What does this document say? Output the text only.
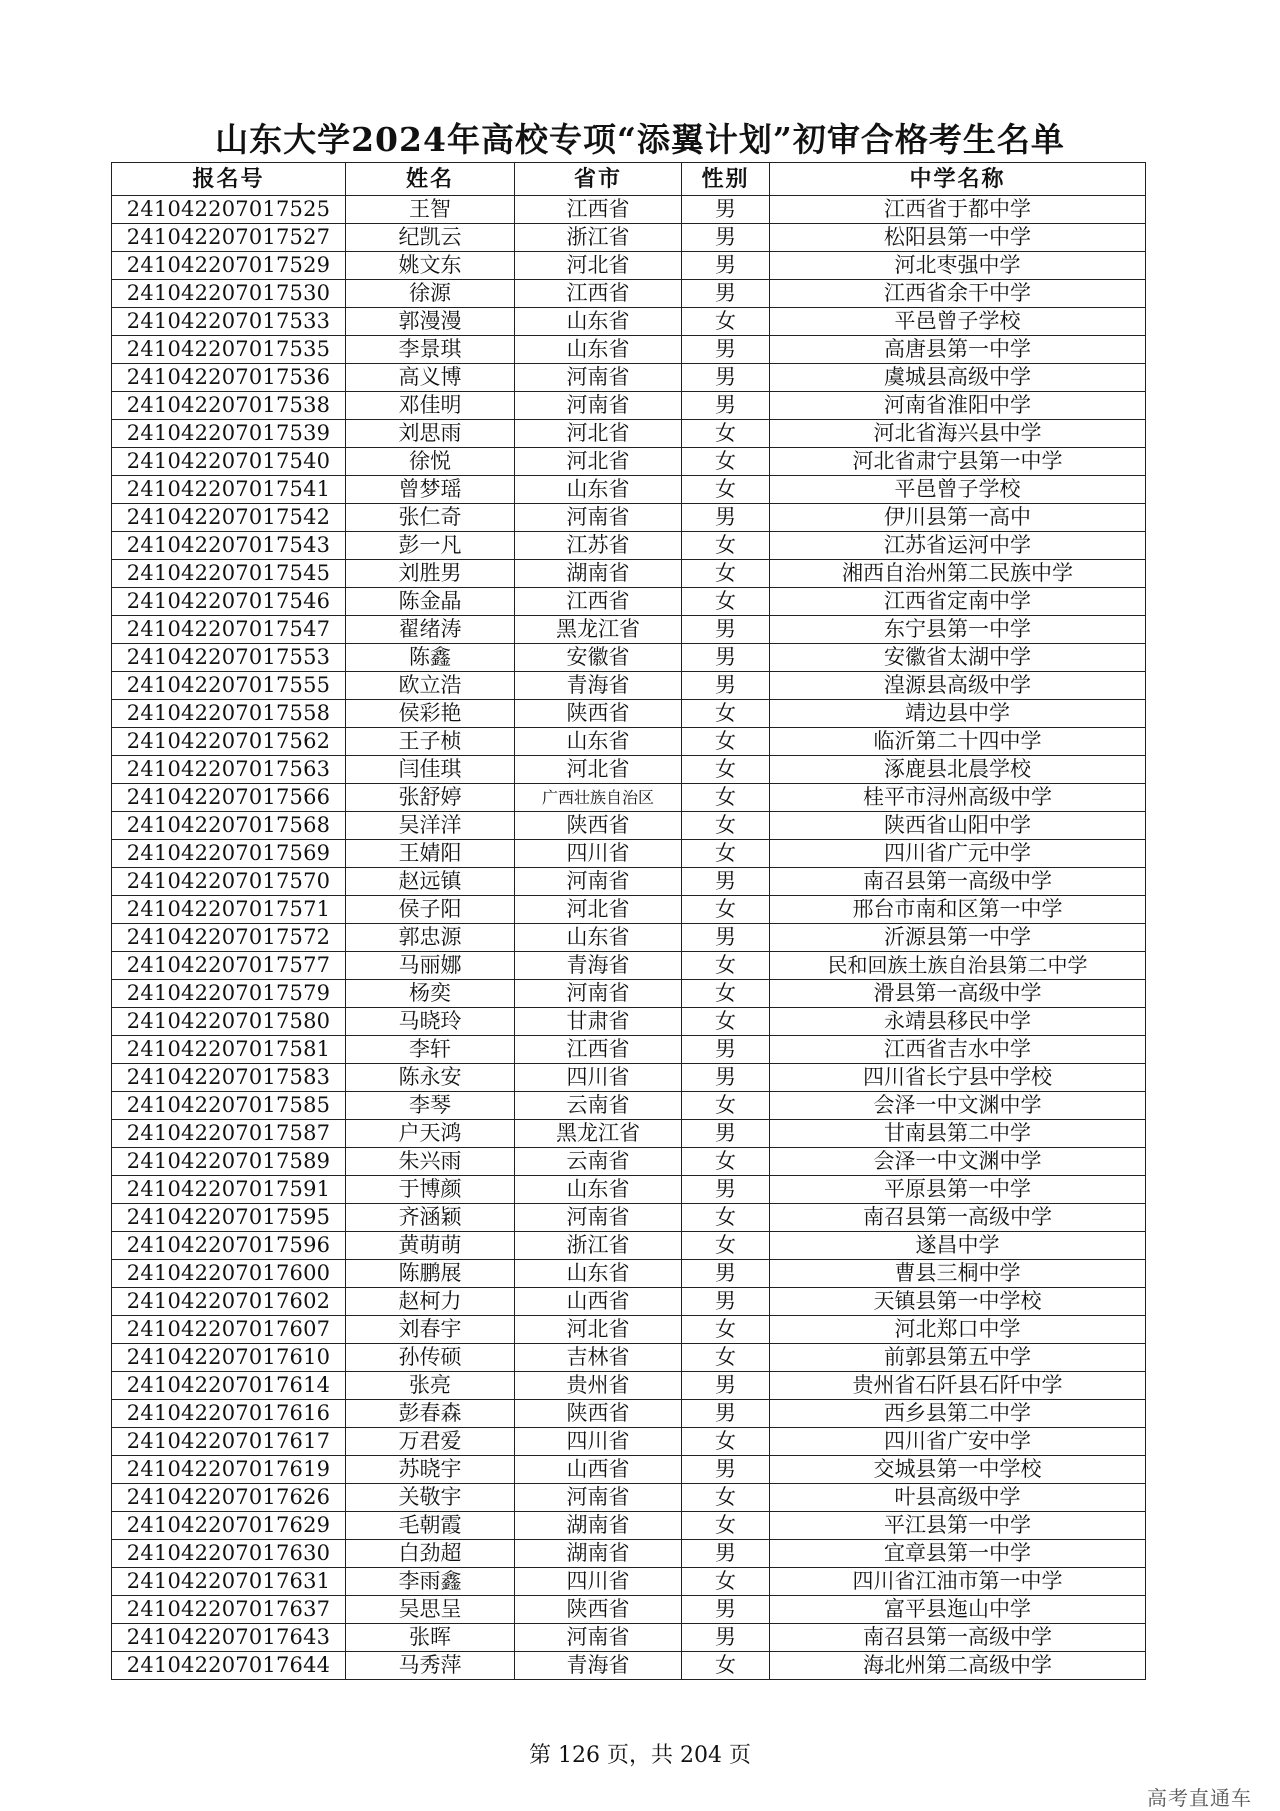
山东大学2024年高校专项“添翼计划”初审合格考生名单
报名号	姓名	省市	性别	中学名称
241042207017525	王智	江西省	男	江西省于都中学
241042207017527	纪凯云	浙江省	男	松阳县第一中学
241042207017529	姚文东	河北省	男	河北枣强中学
241042207017530	徐源	江西省	男	江西省余干中学
241042207017533	郭漫漫	山东省	女	平邑曾子学校
241042207017535	李景琪	山东省	男	高唐县第一中学
241042207017536	高义博	河南省	男	虞城县高级中学
241042207017538	邓佳明	河南省	男	河南省淮阳中学
241042207017539	刘思雨	河北省	女	河北省海兴县中学
241042207017540	徐悦	河北省	女	河北省肃宁县第一中学
241042207017541	曾梦瑶	山东省	女	平邑曾子学校
241042207017542	张仁奇	河南省	男	伊川县第一高中
241042207017543	彭一凡	江苏省	女	江苏省运河中学
241042207017545	刘胜男	湖南省	女	湘西自治州第二民族中学
241042207017546	陈金晶	江西省	女	江西省定南中学
241042207017547	翟绪涛	黑龙江省	男	东宁县第一中学
241042207017553	陈鑫	安徽省	男	安徽省太湖中学
241042207017555	欧立浩	青海省	男	湟源县高级中学
241042207017558	侯彩艳	陕西省	女	靖边县中学
241042207017562	王子桢	山东省	女	临沂第二十四中学
241042207017563	闫佳琪	河北省	女	涿鹿县北晨学校
241042207017566	张舒婷	广西壮族自治区	女	桂平市浔州高级中学
241042207017568	吴洋洋	陕西省	女	陕西省山阳中学
241042207017569	王婧阳	四川省	女	四川省广元中学
241042207017570	赵远镇	河南省	男	南召县第一高级中学
241042207017571	侯子阳	河北省	女	邢台市南和区第一中学
241042207017572	郭忠源	山东省	男	沂源县第一中学
241042207017577	马丽娜	青海省	女	民和回族土族自治县第二中学
241042207017579	杨奕	河南省	女	滑县第一高级中学
241042207017580	马晓玲	甘肃省	女	永靖县移民中学
241042207017581	李轩	江西省	男	江西省吉水中学
241042207017583	陈永安	四川省	男	四川省长宁县中学校
241042207017585	李琴	云南省	女	会泽一中文渊中学
241042207017587	户天鸿	黑龙江省	男	甘南县第二中学
241042207017589	朱兴雨	云南省	女	会泽一中文渊中学
241042207017591	于博颜	山东省	男	平原县第一中学
241042207017595	齐涵颖	河南省	女	南召县第一高级中学
241042207017596	黄萌萌	浙江省	女	遂昌中学
241042207017600	陈鹏展	山东省	男	曹县三桐中学
241042207017602	赵柯力	山西省	男	天镇县第一中学校
241042207017607	刘春宇	河北省	女	河北郑口中学
241042207017610	孙传硕	吉林省	女	前郭县第五中学
241042207017614	张亮	贵州省	男	贵州省石阡县石阡中学
241042207017616	彭春森	陕西省	男	西乡县第二中学
241042207017617	万君爱	四川省	女	四川省广安中学
241042207017619	苏晓宇	山西省	男	交城县第一中学校
241042207017626	关敬宇	河南省	女	叶县高级中学
241042207017629	毛朝霞	湖南省	女	平江县第一中学
241042207017630	白劲超	湖南省	男	宜章县第一中学
241042207017631	李雨鑫	四川省	女	四川省江油市第一中学
241042207017637	吴思呈	陕西省	男	富平县迤山中学
241042207017643	张晖	河南省	男	南召县第一高级中学
241042207017644	马秀萍	青海省	女	海北州第二高级中学
第 126 页，共 204 页
高考直通车
